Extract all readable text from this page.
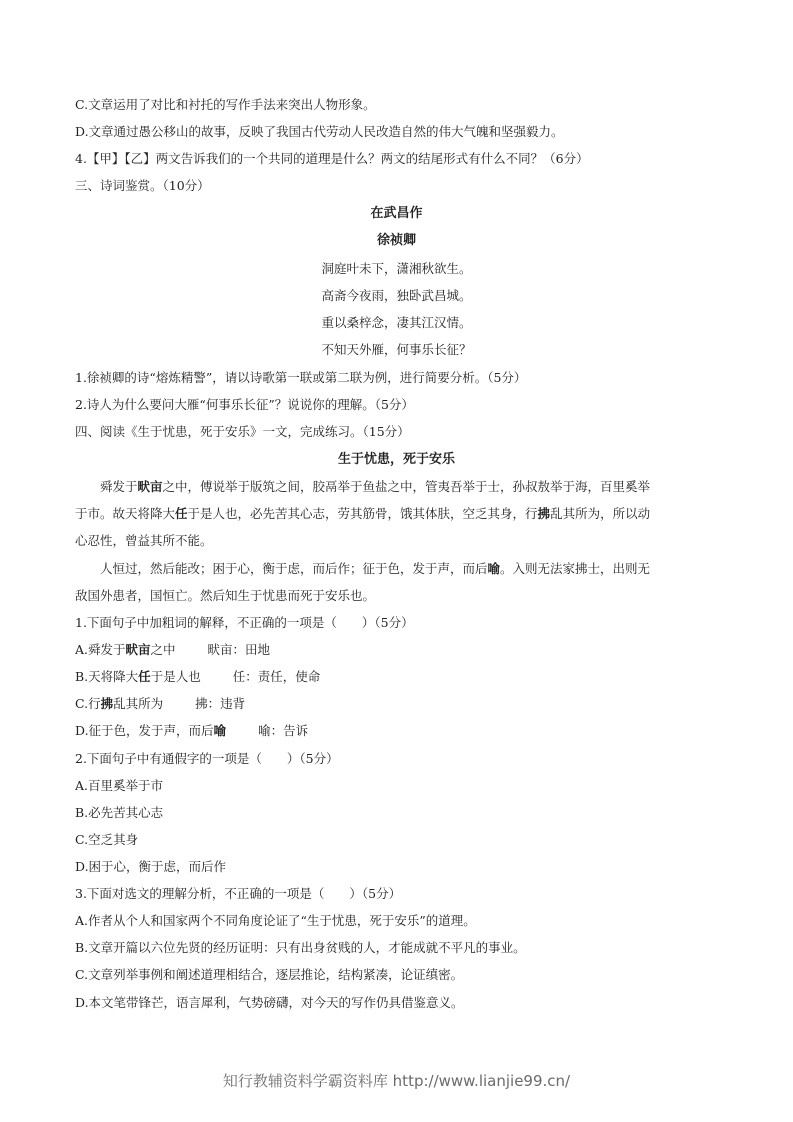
C.文章运用了对比和衬托的写作手法来突出人物形象。
D.文章通过愚公移山的故事，反映了我国古代劳动人民改造自然的伟大气魄和坚强毅力。
4.【甲】【乙】两文告诉我们的一个共同的道理是什么？两文的结尾形式有什么不同？（6分）
三、诗词鉴赏。（10分）
在武昌作
徐祯卿
洞庭叶未下，潇湘秋欲生。
高斋今夜雨，独卧武昌城。
重以桑梓念，凄其江汉情。
不知天外雁，何事乐长征？
1.徐祯卿的诗“熔炼精警”，请以诗歌第一联或第二联为例，进行简要分析。（5分）
2.诗人为什么要问大雁“何事乐长征”？说说你的理解。（5分）
四、阅读《生于忧患，死于安乐》一文，完成练习。（15分）
生于忧患，死于安乐
舜发于畎亩之中，傅说举于版筑之间，胶鬲举于鱼盐之中，管夷吾举于士，孙叔敖举于海，百里奚举
于市。故天将降大任于是人也，必先苦其心志，劳其筋骨，饿其体肤，空乏其身，行拂乱其所为，所以动
心忍性，曾益其所不能。
人恒过，然后能改；困于心，衡于虑，而后作；征于色，发于声，而后喻。入则无法家拂士，出则无
敌国外患者，国恒亡。然后知生于忧患而死于安乐也。
1.下面句子中加粗词的解释，不正确的一项是（　　）（5分）
A.舜发于畎亩之中	畎亩：田地
B.天将降大任于是人也	任：责任，使命
C.行拂乱其所为	拂：违背
D.征于色，发于声，而后喻	喻：告诉
2.下面句子中有通假字的一项是（　　）（5分）
A.百里奚举于市
B.必先苦其心志
C.空乏其身
D.困于心，衡于虑，而后作
3.下面对选文的理解分析，不正确的一项是（　　）（5分）
A.作者从个人和国家两个不同角度论证了“生于忧患，死于安乐”的道理。
B.文章开篇以六位先贤的经历证明：只有出身贫贱的人，才能成就不平凡的事业。
C.文章列举事例和阐述道理相结合，逐层推论，结构紧凑，论证缜密。
D.本文笔带锋芒，语言犀利，气势磅礴，对今天的写作仍具借鉴意义。
知行教辅资料学霸资料库 http://www.lianjie99.cn/
